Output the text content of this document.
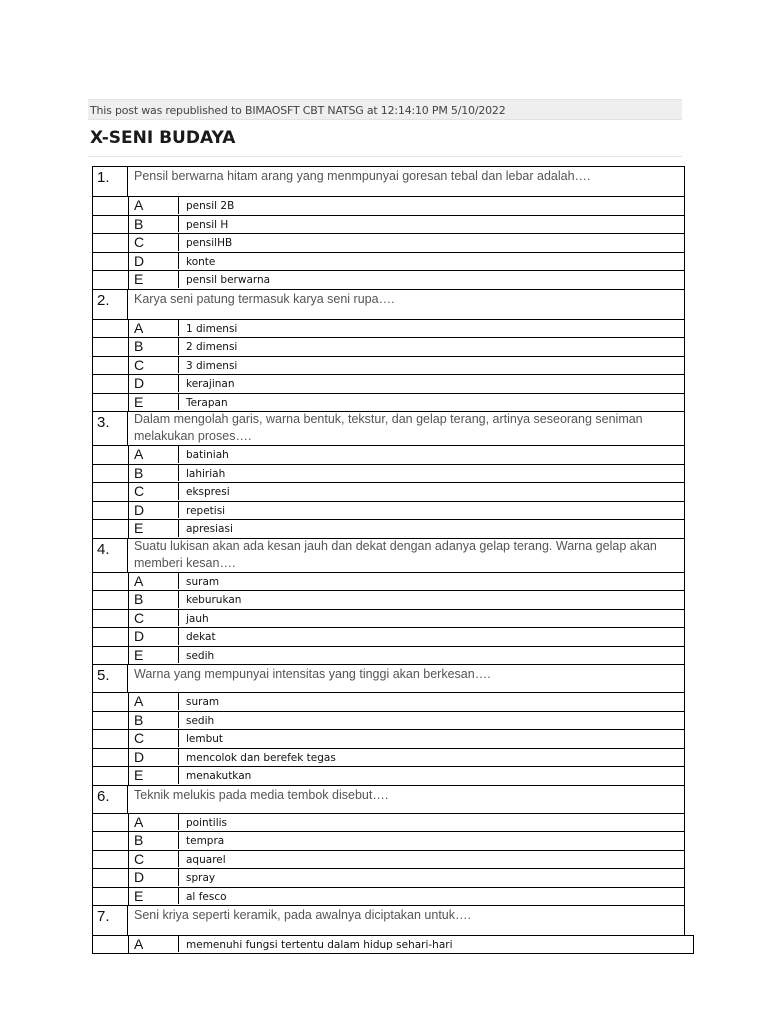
This post was republished to BIMAOSFT CBT NATSG at 12:14:10 PM 5/10/2022
X-SENI BUDAYA
1.	Pensil berwarna hitam arang yang menmpunyai goresan tebal dan lebar adalah….
A	pensil 2B
B	pensil H
C	pensilHB
D	konte
E	pensil berwarna
2.	Karya seni patung termasuk karya seni rupa….
A	1 dimensi
B	2 dimensi
C	3 dimensi
D	kerajinan
E	Terapan
3.	Dalam mengolah garis, warna bentuk, tekstur, dan gelap terang, artinya seseorang seniman melakukan proses….
A	batiniah
B	lahiriah
C	ekspresi
D	repetisi
E	apresiasi
4.	Suatu lukisan akan ada kesan jauh dan dekat dengan adanya gelap terang. Warna gelap akan memberi kesan….
A	suram
B	keburukan
C	jauh
D	dekat
E	sedih
5.	Warna yang mempunyai intensitas yang tinggi akan berkesan….
A	suram
B	sedih
C	lembut
D	mencolok dan berefek tegas
E	menakutkan
6.	Teknik melukis pada media tembok disebut….
A	pointilis
B	tempra
C	aquarel
D	spray
E	al fesco
7.	Seni kriya seperti keramik, pada awalnya diciptakan untuk….
A	memenuhi fungsi tertentu dalam hidup sehari-hari
